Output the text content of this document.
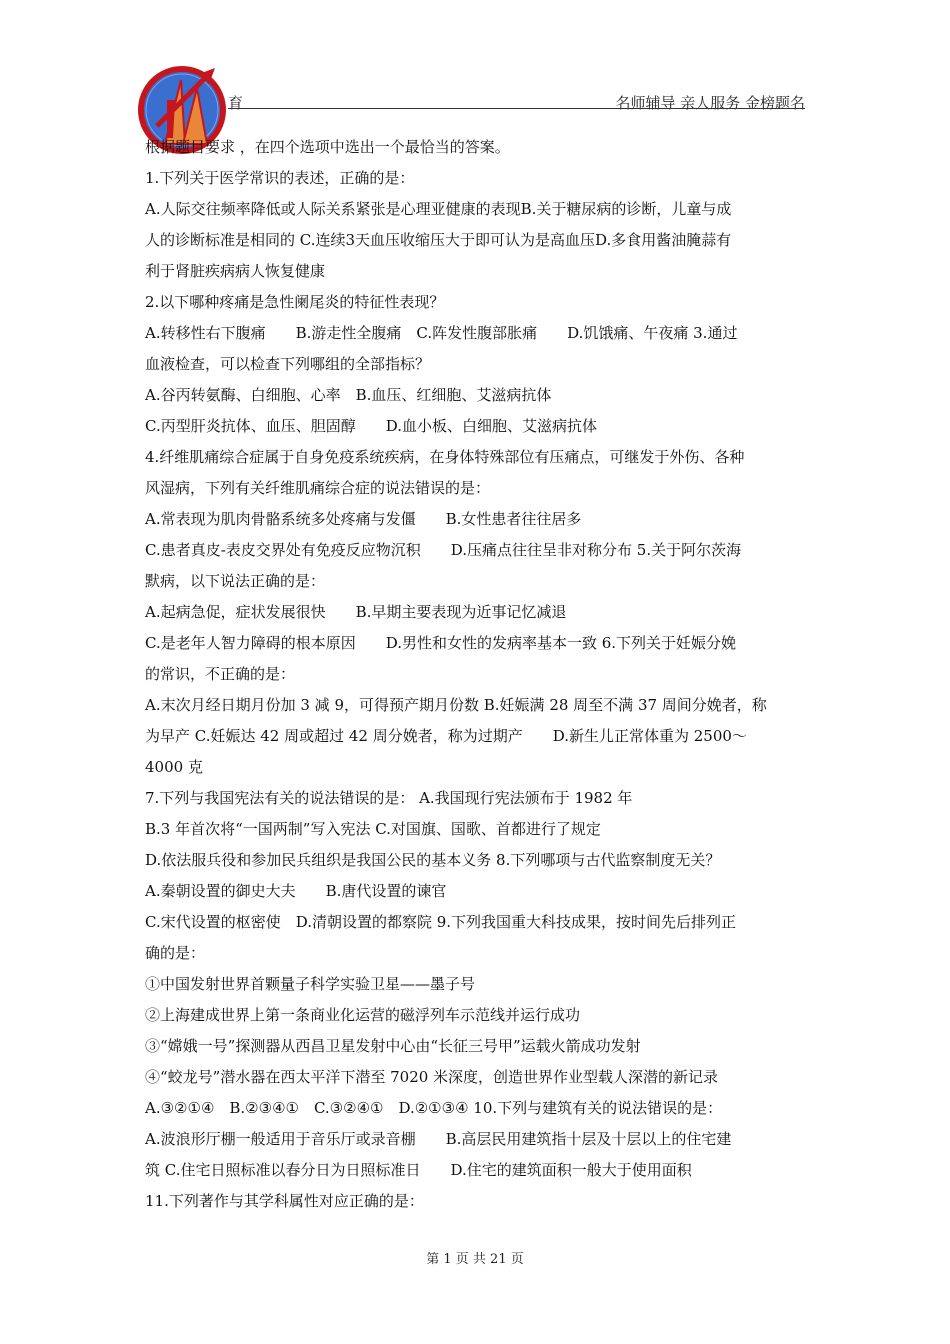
育	名师辅导 亲人服务 金榜题名

根据题目要求 ，在四个选项中选出一个最恰当的答案。

1.下列关于医学常识的表述，正确的是：

A.人际交往频率降低或人际关系紧张是心理亚健康的表现B.关于糖尿病的诊断，儿童与成

人的诊断标准是相同的 C.连续3天血压收缩压大于即可认为是高血压D.多食用酱油腌蒜有

利于肾脏疾病病人恢复健康

2.以下哪种疼痛是急性阑尾炎的特征性表现？

A.转移性右下腹痛　　B.游走性全腹痛　C.阵发性腹部胀痛　　D.饥饿痛、午夜痛 3.通过

血液检查，可以检查下列哪组的全部指标？

A.谷丙转氨酶、白细胞、心率　B.血压、红细胞、艾滋病抗体

C.丙型肝炎抗体、血压、胆固醇　　D.血小板、白细胞、艾滋病抗体

4.纤维肌痛综合症属于自身免疫系统疾病，在身体特殊部位有压痛点，可继发于外伤、各种

风湿病，下列有关纤维肌痛综合症的说法错误的是：

A.常表现为肌肉骨骼系统多处疼痛与发僵　　B.女性患者往往居多

C.患者真皮-表皮交界处有免疫反应物沉积　　D.压痛点往往呈非对称分布 5.关于阿尔茨海

默病，以下说法正确的是：

A.起病急促，症状发展很快　　B.早期主要表现为近事记忆减退

C.是老年人智力障碍的根本原因　　D.男性和女性的发病率基本一致 6.下列关于妊娠分娩

的常识，不正确的是：

A.末次月经日期月份加 3 减 9，可得预产期月份数 B.妊娠满 28 周至不满 37 周间分娩者，称

为早产 C.妊娠达 42 周或超过 42 周分娩者，称为过期产　　D.新生儿正常体重为 2500～

4000 克

7.下列与我国宪法有关的说法错误的是： A.我国现行宪法颁布于 1982 年

B.3 年首次将“一国两制”写入宪法 C.对国旗、国歌、首都进行了规定

D.依法服兵役和参加民兵组织是我国公民的基本义务 8.下列哪项与古代监察制度无关？

A.秦朝设置的御史大夫　　B.唐代设置的谏官

C.宋代设置的枢密使　D.清朝设置的都察院 9.下列我国重大科技成果，按时间先后排列正

确的是：

①中国发射世界首颗量子科学实验卫星——墨子号

②上海建成世界上第一条商业化运营的磁浮列车示范线并运行成功

③“嫦娥一号”探测器从西昌卫星发射中心由“长征三号甲”运载火箭成功发射

④“蛟龙号”潜水器在西太平洋下潜至 7020 米深度，创造世界作业型载人深潜的新记录

A.③②①④　B.②③④①　C.③②④①　D.②①③④ 10.下列与建筑有关的说法错误的是：

A.波浪形厅棚一般适用于音乐厅或录音棚　　B.高层民用建筑指十层及十层以上的住宅建

筑 C.住宅日照标准以春分日为日照标准日　　D.住宅的建筑面积一般大于使用面积

11.下列著作与其学科属性对应正确的是：

第 1 页 共 21 页
